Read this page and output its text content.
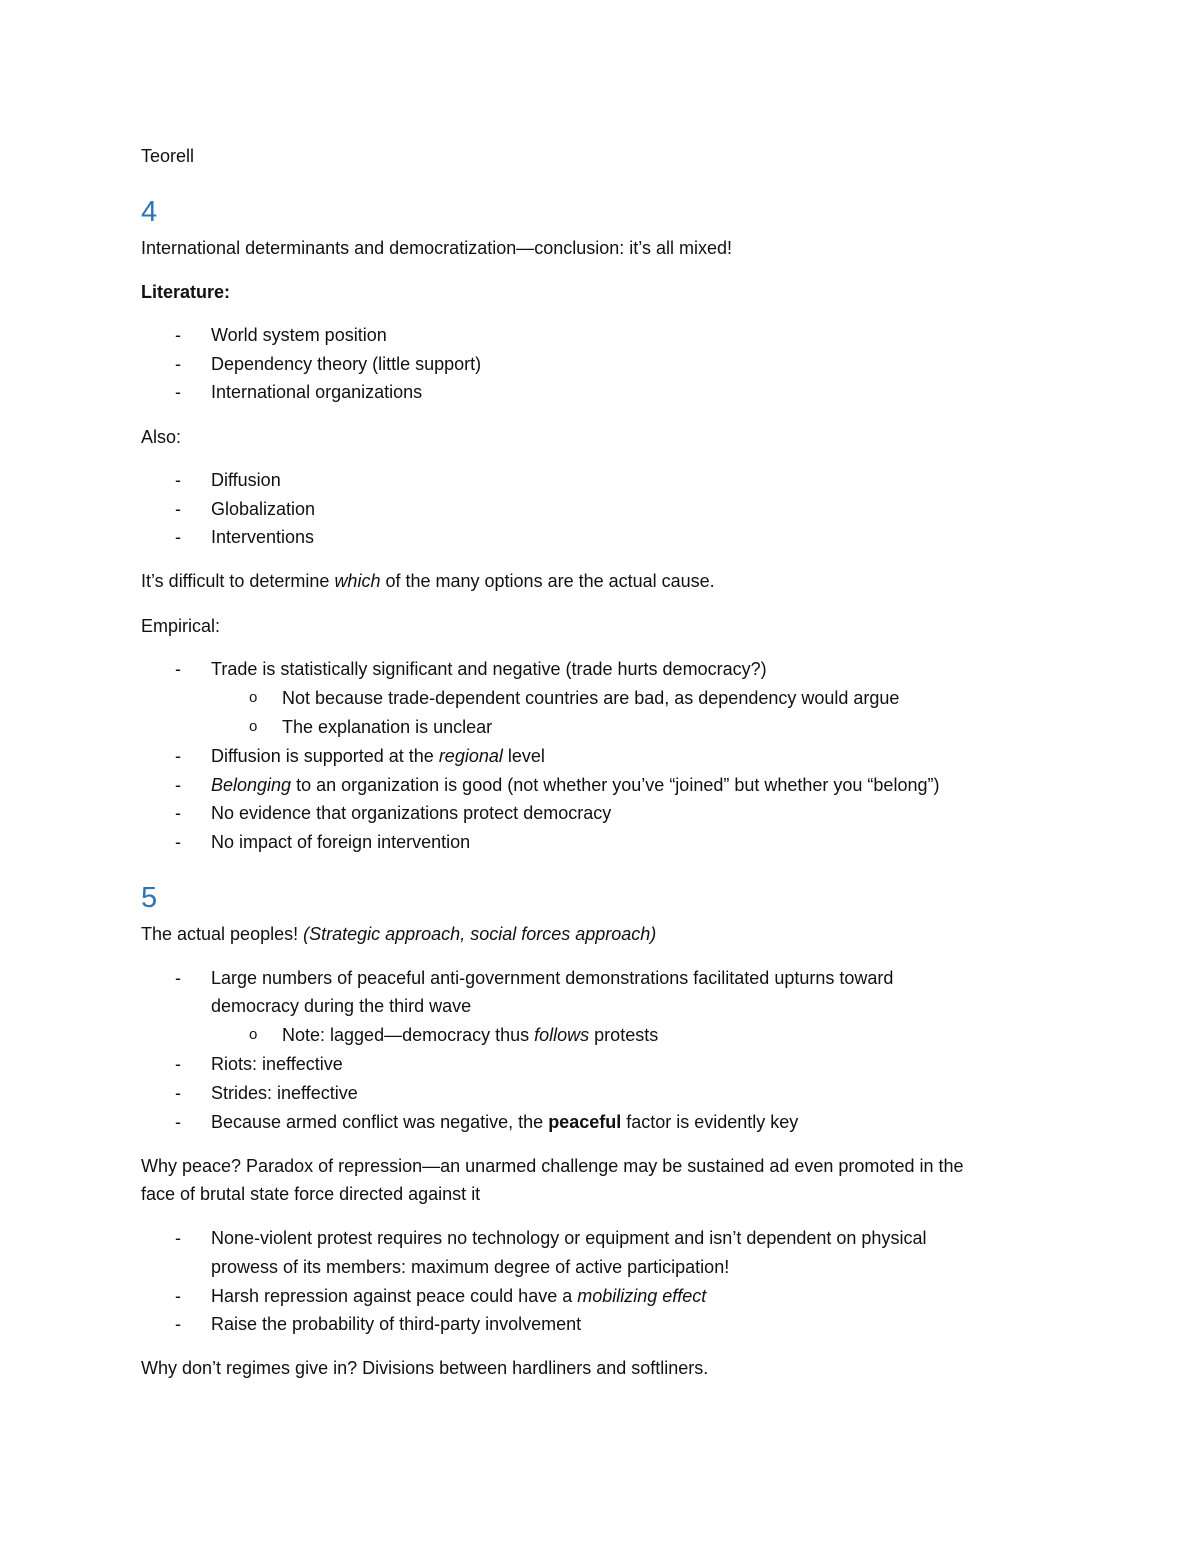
Teorell
4
International determinants and democratization—conclusion: it’s all mixed!
Literature:
- World system position
- Dependency theory (little support)
- International organizations
Also:
- Diffusion
- Globalization
- Interventions
It’s difficult to determine which of the many options are the actual cause.
Empirical:
- Trade is statistically significant and negative (trade hurts democracy?)
o Not because trade-dependent countries are bad, as dependency would argue
o The explanation is unclear
- Diffusion is supported at the regional level
- Belonging to an organization is good (not whether you’ve “joined” but whether you “belong”)
- No evidence that organizations protect democracy
- No impact of foreign intervention
5
The actual peoples! (Strategic approach, social forces approach)
- Large numbers of peaceful anti-government demonstrations facilitated upturns toward
democracy during the third wave
o Note: lagged—democracy thus follows protests
- Riots: ineffective
- Strides: ineffective
- Because armed conflict was negative, the peaceful factor is evidently key
Why peace? Paradox of repression—an unarmed challenge may be sustained ad even promoted in the
face of brutal state force directed against it
- None-violent protest requires no technology or equipment and isn’t dependent on physical
prowess of its members: maximum degree of active participation!
- Harsh repression against peace could have a mobilizing effect
- Raise the probability of third-party involvement
Why don’t regimes give in? Divisions between hardliners and softliners.
